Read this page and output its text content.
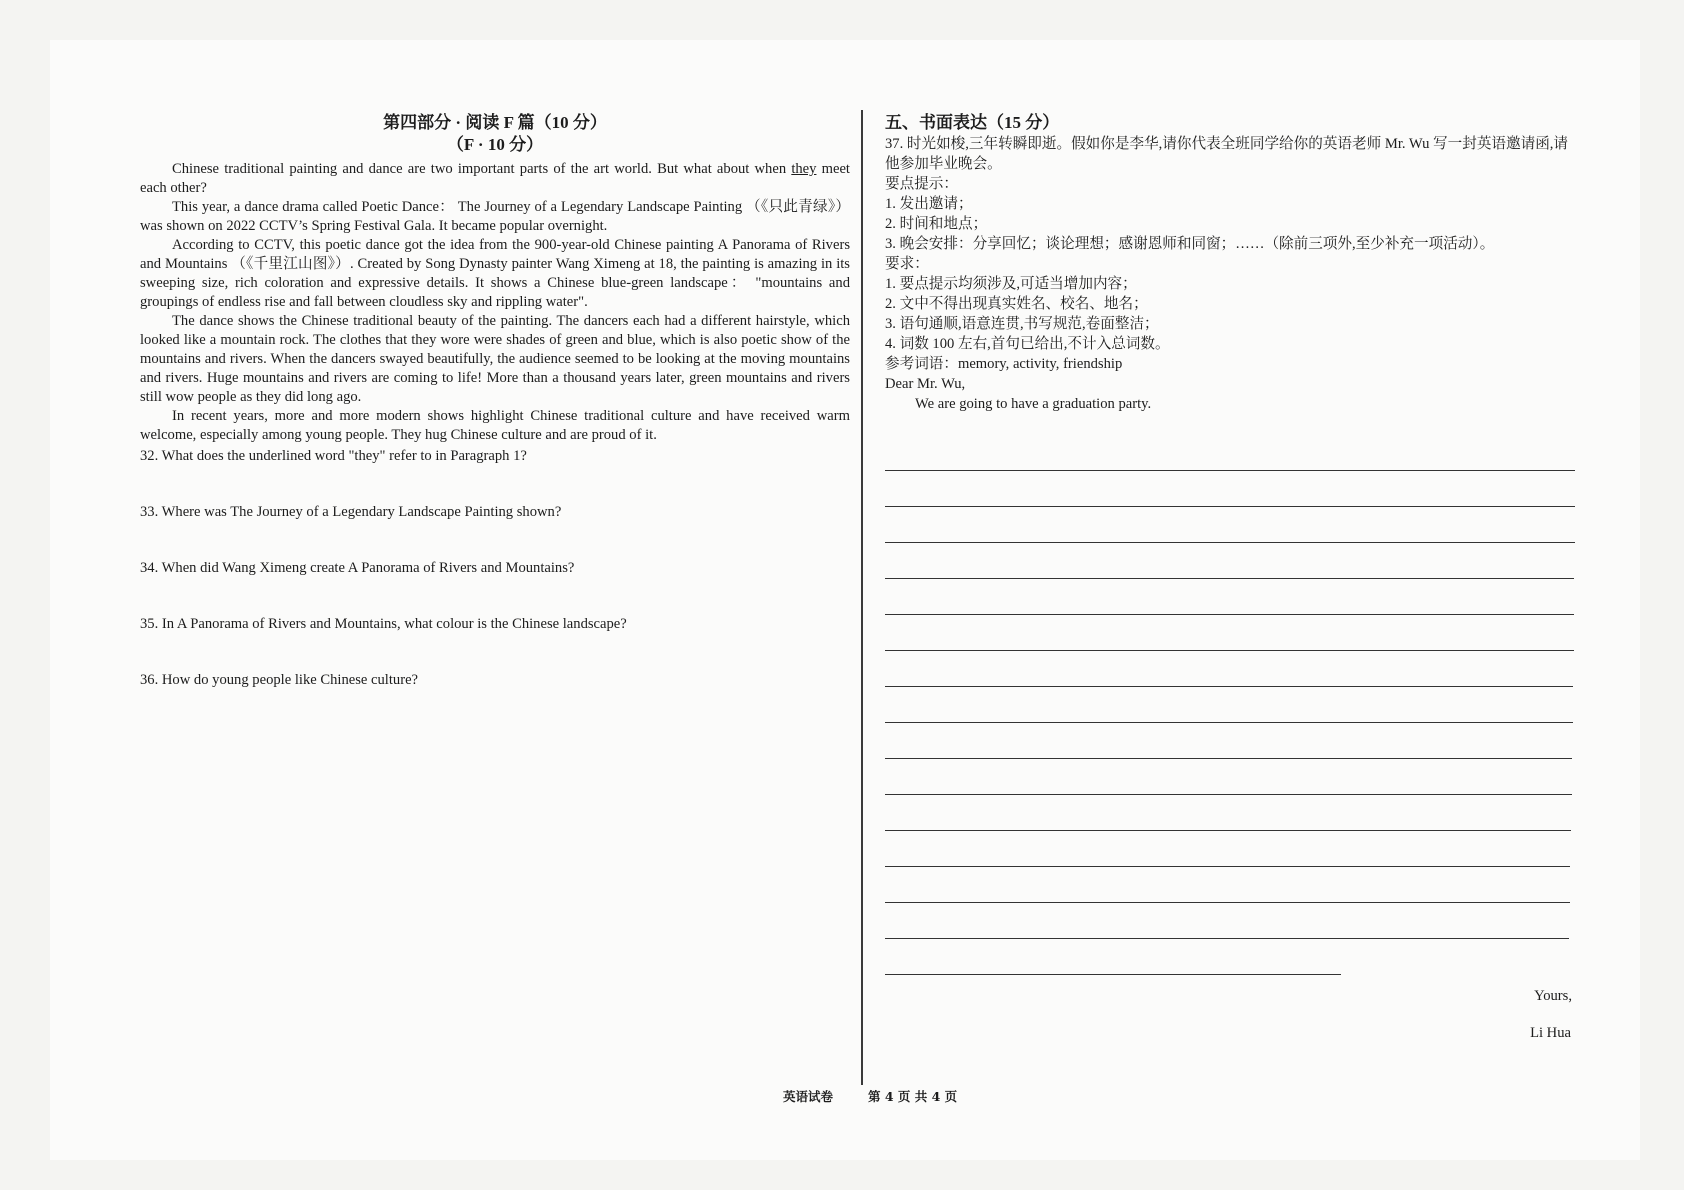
第四部分 · 阅读 F 篇（10 分）

（F · 10 分）

Chinese traditional painting and dance are two important parts of the art world. But what about when they meet each other?

This year, a dance drama called Poetic Dance： The Journey of a Legendary Landscape Painting （《只此青绿》） was shown on 2022 CCTV’s Spring Festival Gala. It became popular overnight.

According to CCTV, this poetic dance got the idea from the 900-year-old Chinese painting A Panorama of Rivers and Mountains （《千里江山图》）. Created by Song Dynasty painter Wang Ximeng at 18, the painting is amazing in its sweeping size, rich coloration and expressive details. It shows a Chinese blue-green landscape： "mountains and groupings of endless rise and fall between cloudless sky and rippling water".

The dance shows the Chinese traditional beauty of the painting. The dancers each had a different hairstyle, which looked like a mountain rock. The clothes that they wore were shades of green and blue, which is also poetic show of the mountains and rivers. When the dancers swayed beautifully, the audience seemed to be looking at the moving mountains and rivers. Huge mountains and rivers are coming to life! More than a thousand years later, green mountains and rivers still wow people as they did long ago.

In recent years, more and more modern shows highlight Chinese traditional culture and have received warm welcome, especially among young people. They hug Chinese culture and are proud of it.

32. What does the underlined word "they" refer to in Paragraph 1?

33. Where was The Journey of a Legendary Landscape Painting shown?

34. When did Wang Ximeng create A Panorama of Rivers and Mountains?

35. In A Panorama of Rivers and Mountains, what colour is the Chinese landscape?

36. How do young people like Chinese culture?

五、书面表达（15 分）

37. 时光如梭,三年转瞬即逝。假如你是李华,请你代表全班同学给你的英语老师 Mr. Wu 写一封英语邀请函,请他参加毕业晚会。

要点提示：

1. 发出邀请；

2. 时间和地点；

3. 晚会安排：分享回忆；谈论理想；感谢恩师和同窗；……（除前三项外,至少补充一项活动）。

要求：

1. 要点提示均须涉及,可适当增加内容；

2. 文中不得出现真实姓名、校名、地名；

3. 语句通顺,语意连贯,书写规范,卷面整洁；

4. 词数 100 左右,首句已给出,不计入总词数。

参考词语：memory, activity, friendship

Dear Mr. Wu,

We are going to have a graduation party.

Yours,
Li Hua
英语试卷	第 4 页 共 4 页
